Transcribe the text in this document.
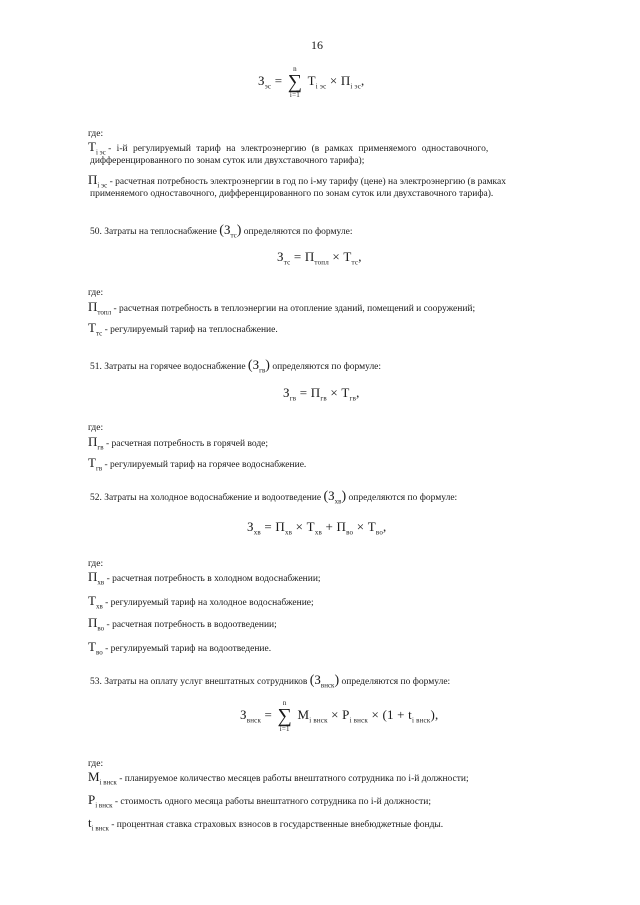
16
$З_{эс}$ = ∑
n
i=1
$Т_{i эс} \times П_{i эс}$,
где:
$Т_{i эс} - i-й$ регулируемый тариф на электроэнергию (в рамках применяемого одноставочного,
дифференцированного по зонам суток или двухставочного тарифа);
$П_{i эс}$ - расчетная потребность электроэнергии в год по i-му тарифу (цене) на электроэнергию (в рамках
применяемого одноставочного, дифференцированного по зонам суток или двухставочного тарифа).
50. Затраты на теплоснабжение $(З_{тс})$ определяются по формуле:
$З_{тс} = П_{топл} \times Т_{тс}$,
где:
$П_{топл}$ - расчетная потребность в теплоэнергии на отопление зданий, помещений и сооружений;
$Т_{тс}$ - регулируемый тариф на теплоснабжение.
51. Затраты на горячее водоснабжение $(З_{гв})$ определяются по формуле:
$З_{гв} = П_{гв} \times Т_{гв}$,
где:
$П_{гв}$ - расчетная потребность в горячей воде;
$Т_{гв}$ - регулируемый тариф на горячее водоснабжение.
52. Затраты на холодное водоснабжение и водоотведение $(З_{хв})$ определяются по формуле:
$З_{хв} = П_{хв} \times Т_{хв} + П_{во} \times Т_{во}$,
где:
$П_{хв}$ - расчетная потребность в холодном водоснабжении;
$Т_{хв}$ - регулируемый тариф на холодное водоснабжение;
$П_{во}$ - расчетная потребность в водоотведении;
$Т_{во}$ - регулируемый тариф на водоотведение.
53. Затраты на оплату услуг внештатных сотрудников $(З_{внск})$ определяются по формуле:
$З_{внск}$ = ∑
n
i=1
$М_{i внск} \times Р_{i внск} \times (1 + t_{i внск})$,
где:
$М_{i внск}$ - планируемое количество месяцев работы внештатного сотрудника по i-й должности;
$Р_{i внск}$ - стоимость одного месяца работы внештатного сотрудника по i-й должности;
$t_{i внск}$ - процентная ставка страховых взносов в государственные внебюджетные фонды.
